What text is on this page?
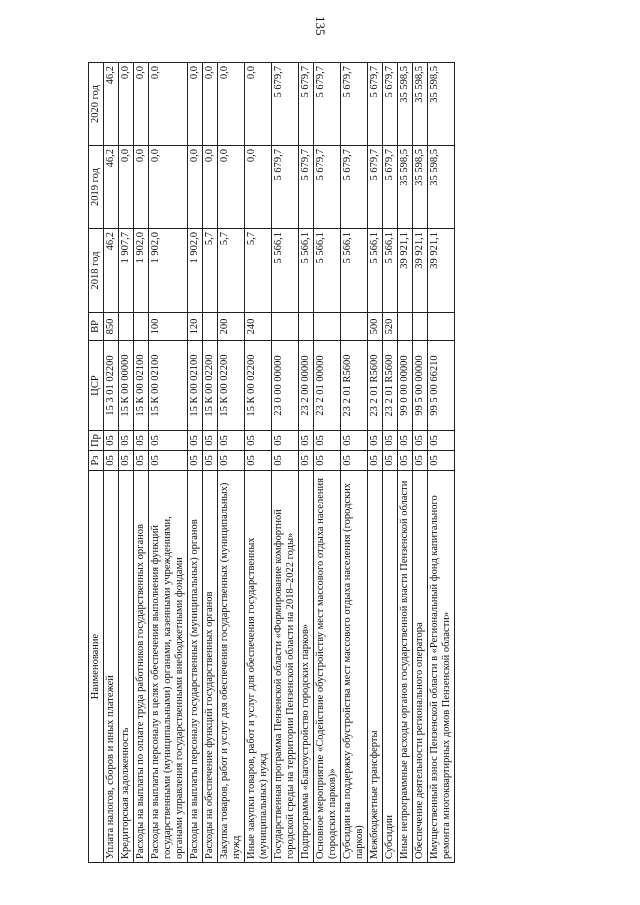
135
Наименование	Рз	Пр	ЦСР	ВР	2018 год	2019 год	2020 год
Уплата налогов, сборов и иных платежей	05	05	15 3 01 02200	850	46,2	46,2	46,2
Кредиторская задолженность	05	05	15 К 00 00000		1 907,7	0,0	0,0
Расходы на выплаты по оплате труда работников государственных органов	05	05	15 К 00 02100		1 902,0	0,0	0,0
Расходы на выплаты персоналу в целях обеспечения выполнения функций государственными (муниципальными) органами, казенными учреждениями, органами управления государственными внебюджетными фондами	05	05	15 К 00 02100	100	1 902,0	0,0	0,0
Расходы на выплаты персоналу государственных (муниципальных) органов	05	05	15 К 00 02100	120	1 902,0	0,0	0,0
Расходы на обеспечение функций государственных органов	05	05	15 К 00 02200		5,7	0,0	0,0
Закупка товаров, работ и услуг для обеспечения государственных (муниципальных) нужд	05	05	15 К 00 02200	200	5,7	0,0	0,0
Иные закупки товаров, работ и услуг для обеспечения государственных (муниципальных) нужд	05	05	15 К 00 02200	240	5,7	0,0	0,0
Государственная программа Пензенской области «Формирование комфортной городской среды на территории Пензенской области на 2018–2022 годы»	05	05	23 0 00 00000		5 566,1	5 679,7	5 679,7
Подпрограмма «Благоустройство городских парков»	05	05	23 2 00 00000		5 566,1	5 679,7	5 679,7
Основное мероприятие «Содействие обустройству мест массового отдыха населения (городских парков)»	05	05	23 2 01 00000		5 566,1	5 679,7	5 679,7
Субсидии на поддержку обустройства мест массового отдыха населения (городских парков)	05	05	23 2 01 R5600		5 566,1	5 679,7	5 679,7
Межбюджетные трансферты	05	05	23 2 01 R5600	500	5 566,1	5 679,7	5 679,7
Субсидии	05	05	23 2 01 R5600	520	5 566,1	5 679,7	5 679,7
Иные непрограммные расходы органов государственной власти Пензенской области	05	05	99 0 00 00000		39 921,1	35 598,5	35 598,5
Обеспечение деятельности регионального оператора	05	05	99 5 00 00000		39 921,1	35 598,5	35 598,5
Имущественный взнос Пензенской области в «Региональный фонд капитального ремонта многоквартирных домов Пензенской области»	05	05	99 5 00 66210		39 921,1	35 598,5	35 598,5
